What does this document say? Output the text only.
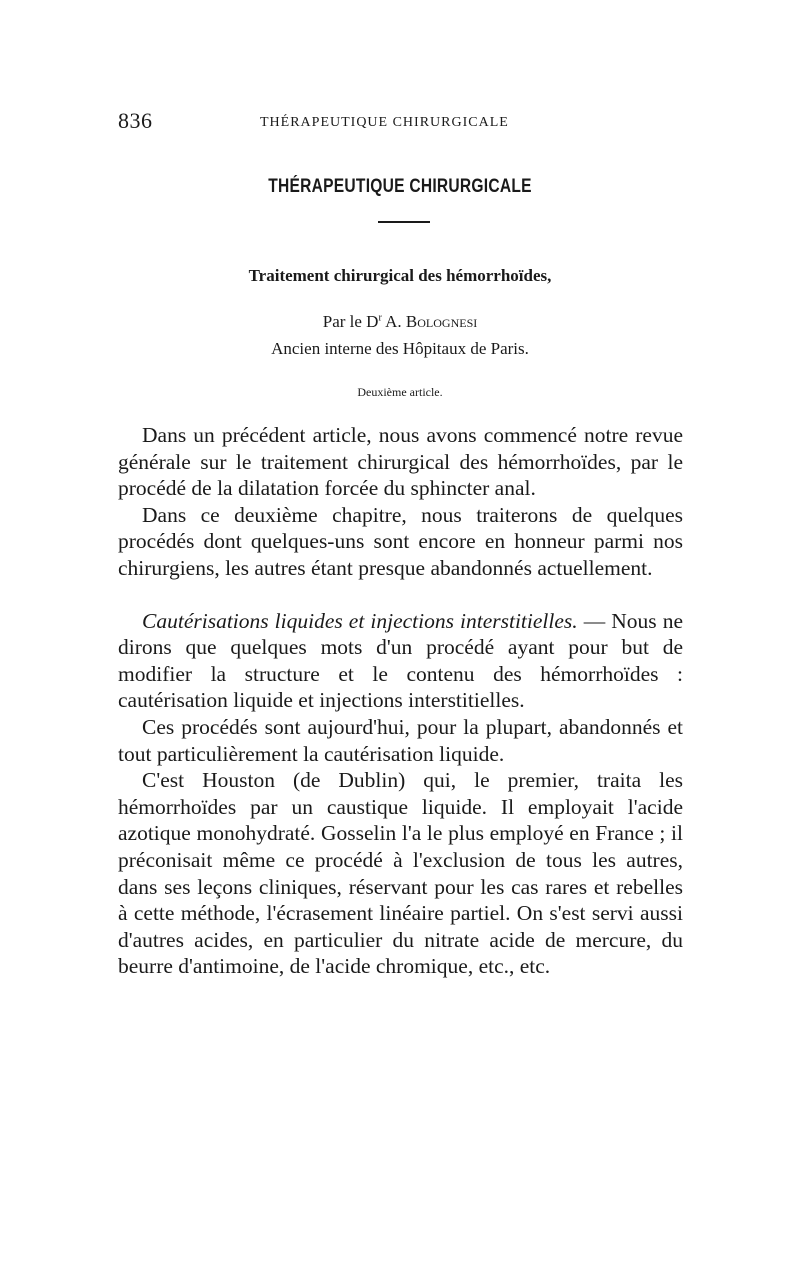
836	THÉRAPEUTIQUE CHIRURGICALE
THÉRAPEUTIQUE CHIRURGICALE
Traitement chirurgical des hémorrhoïdes,
Par le $D^r$ A. Bolognesi
Ancien interne des Hôpitaux de Paris.
Deuxième article.

Dans un précédent article, nous avons commencé notre revue générale sur le traitement chirurgical des hémorrhoïdes, par le procédé de la dilatation forcée du sphincter anal.

Dans ce deuxième chapitre, nous traiterons de quelques procédés dont quelques-uns sont encore en honneur parmi nos chirurgiens, les autres étant presque abandonnés actuellement.

Cautérisations liquides et injections interstitielles. — Nous ne dirons que quelques mots d'un procédé ayant pour but de modifier la structure et le contenu des hémorrhoïdes : cautérisation liquide et injections interstitielles.

Ces procédés sont aujourd'hui, pour la plupart, abandonnés et tout particulièrement la cautérisation liquide.

C'est Houston (de Dublin) qui, le premier, traita les hémorrhoïdes par un caustique liquide. Il employait l'acide azotique monohydraté. Gosselin l'a le plus employé en France ; il préconisait même ce procédé à l'exclusion de tous les autres, dans ses leçons cliniques, réservant pour les cas rares et rebelles à cette méthode, l'écrasement linéaire partiel. On s'est servi aussi d'autres acides, en particulier du nitrate acide de mercure, du beurre d'antimoine, de l'acide chromique, etc., etc.
